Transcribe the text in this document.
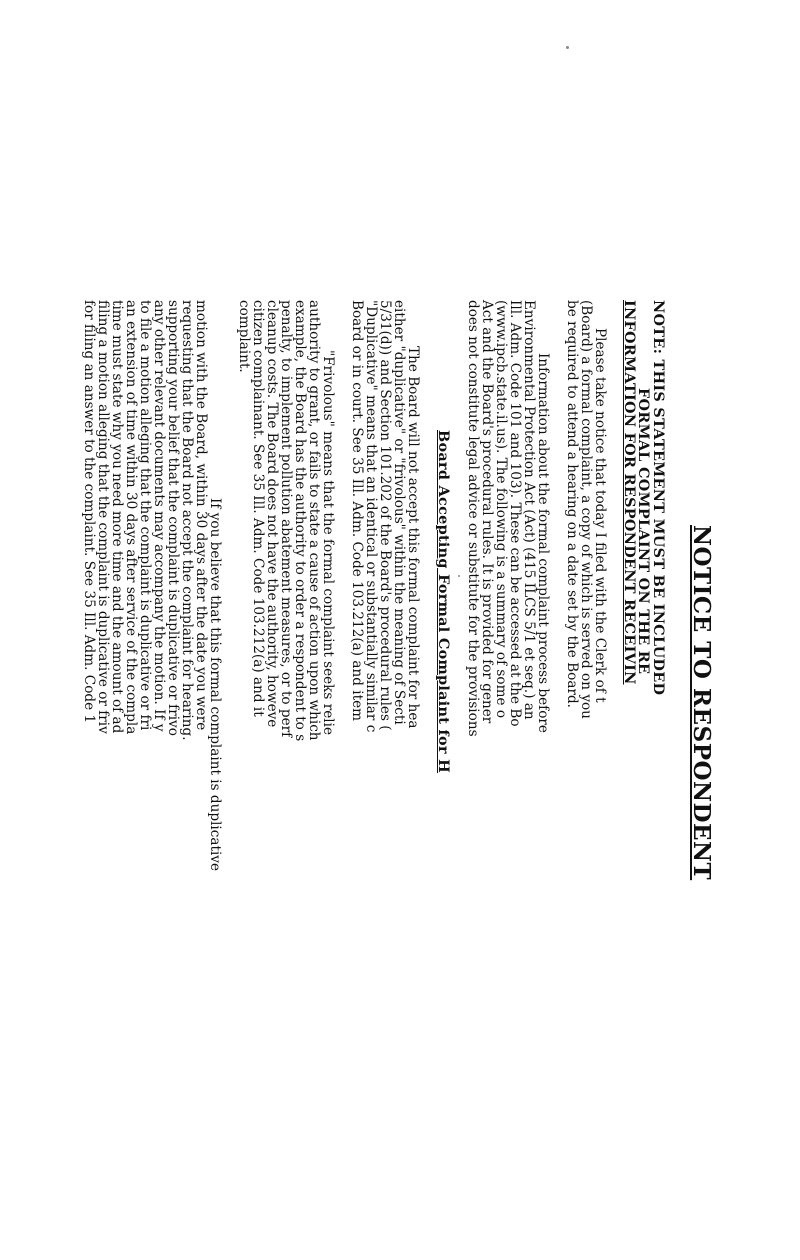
NOTICE TO RESPONDENT
NOTE: THIS STATEMENT MUST BE INCLUDED
FORMAL COMPLAINT ON THE RE
INFORMATION FOR RESPONDENT RECEIVIN
Please take notice that today I filed with the Clerk of t
(Board) a formal complaint, a copy of which is served on you
be required to attend a hearing on a date set by the Board.
Information about the formal complaint process before
Environmental Protection Act (Act) (415 ILCS 5/1 et seq.) an
Ill. Adm. Code 101 and 103). These can be accessed at the Bo
(www.ipcb.state.il.us). The following is a summary of some o
Act and the Board's procedural rules. It is provided for gener
does not constitute legal advice or substitute for the provisions
Board Accepting Formal Complaint for H
The Board will not accept this formal complaint for hea
either "duplicative" or "frivolous" within the meaning of Secti
5/31(d)) and Section 101.202 of the Board's procedural rules (
"Duplicative" means that an identical or substantially similar c
Board or in court. See 35 Ill. Adm. Code 103.212(a) and item
"Frivolous" means that the formal complaint seeks relie
authority to grant, or fails to state a cause of action upon which
example, the Board has the authority to order a respondent to s
penalty, to implement pollution abatement measures, or to perf
cleanup costs. The Board does not have the authority, howeve
citizen complainant. See 35 Ill. Adm. Code 103.212(a) and it
complaint.
If you believe that this formal complaint is duplicative
motion with the Board, within 30 days after the date you were
requesting that the Board not accept the complaint for hearing.
supporting your belief that the complaint is duplicative or frivo
any other relevant documents may accompany the motion. If y
to file a motion alleging that the complaint is duplicative or fri
an extension of time within 30 days after service of the compla
time must state why you need more time and the amount of ad
filing a motion alleging that the complaint is duplicative or friv
for filing an answer to the complaint. See 35 Ill. Adm. Code 1
